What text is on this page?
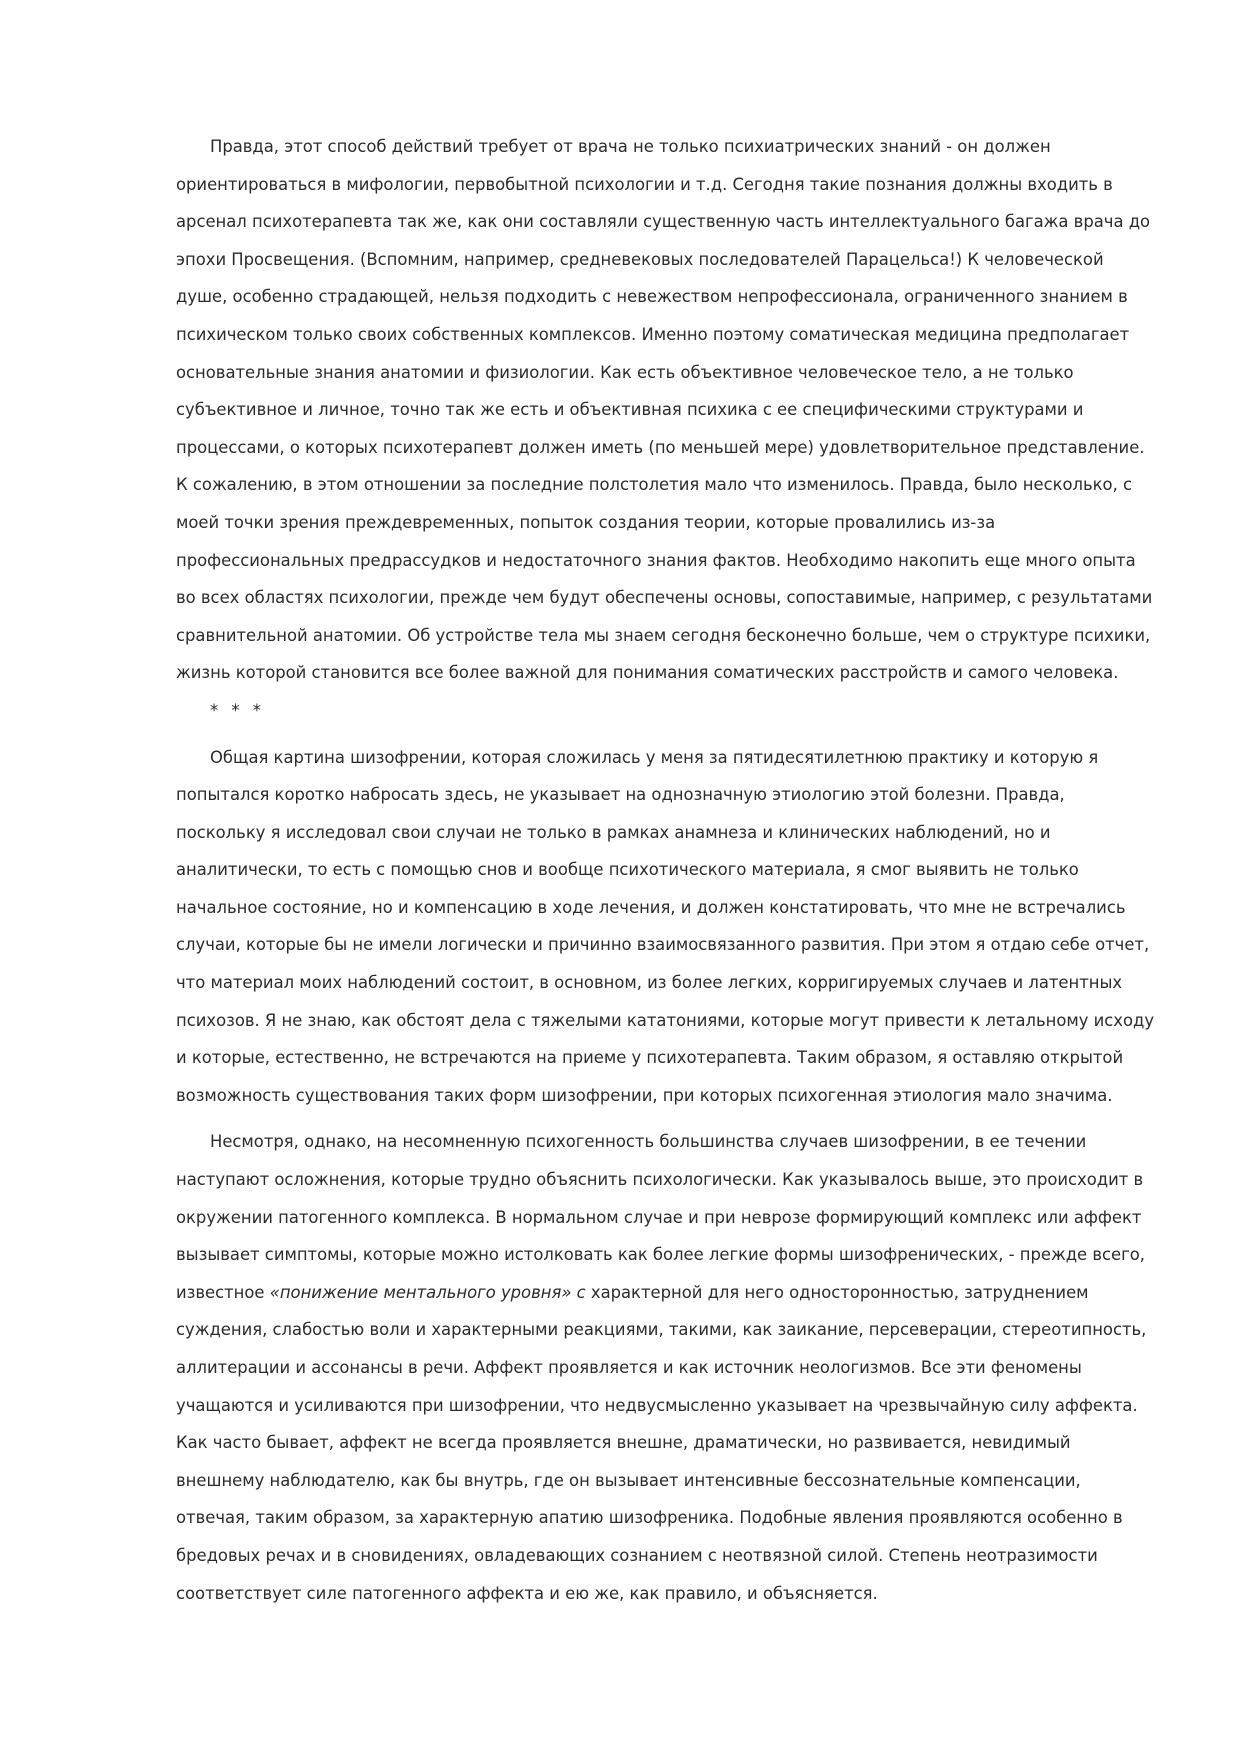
Правда, этот способ действий требует от врача не только психиатрических знаний - он должен ориентироваться в мифологии, первобытной психологии и т.д. Сегодня такие познания должны входить в арсенал психотерапевта так же, как они составляли существенную часть интеллектуального багажа врача до эпохи Просвещения. (Вспомним, например, средневековых последователей Парацельса!) К человеческой душе, особенно страдающей, нельзя подходить с невежеством непрофессионала, ограниченного знанием в психическом только своих собственных комплексов. Именно поэтому соматическая медицина предполагает основательные знания анатомии и физиологии. Как есть объективное человеческое тело, а не только субъективное и личное, точно так же есть и объективная психика с ее специфическими структурами и процессами, о которых психотерапевт должен иметь (по меньшей мере) удовлетворительное представление. К сожалению, в этом отношении за последние полстолетия мало что изменилось. Правда, было несколько, с моей точки зрения преждевременных, попыток создания теории, которые провалились из-за профессиональных предрассудков и недостаточного знания фактов. Необходимо накопить еще много опыта во всех областях психологии, прежде чем будут обеспечены основы, сопоставимые, например, с результатами сравнительной анатомии. Об устройстве тела мы знаем сегодня бесконечно больше, чем о структуре психики, жизнь которой становится все более важной для понимания соматических расстройств и самого человека.

* * *

Общая картина шизофрении, которая сложилась у меня за пятидесятилетнюю практику и которую я попытался коротко набросать здесь, не указывает на однозначную этиологию этой болезни. Правда, поскольку я исследовал свои случаи не только в рамках анамнеза и клинических наблюдений, но и аналитически, то есть с помощью снов и вообще психотического материала, я смог выявить не только начальное состояние, но и компенсацию в ходе лечения, и должен констатировать, что мне не встречались случаи, которые бы не имели логически и причинно взаимосвязанного развития. При этом я отдаю себе отчет, что материал моих наблюдений состоит, в основном, из более легких, корригируемых случаев и латентных психозов. Я не знаю, как обстоят дела с тяжелыми кататониями, которые могут привести к летальному исходу и которые, естественно, не встречаются на приеме у психотерапевта. Таким образом, я оставляю открытой возможность существования таких форм шизофрении, при которых психогенная этиология мало значима.

Несмотря, однако, на несомненную психогенность большинства случаев шизофрении, в ее течении наступают осложнения, которые трудно объяснить психологически. Как указывалось выше, это происходит в окружении патогенного комплекса. В нормальном случае и при неврозе формирующий комплекс или аффект вызывает симптомы, которые можно истолковать как более легкие формы шизофренических, - прежде всего, известное «понижение ментального уровня» с характерной для него односторонностью, затруднением суждения, слабостью воли и характерными реакциями, такими, как заикание, персеверации, стереотипность, аллитерации и ассонансы в речи. Аффект проявляется и как источник неологизмов. Все эти феномены учащаются и усиливаются при шизофрении, что недвусмысленно указывает на чрезвычайную силу аффекта. Как часто бывает, аффект не всегда проявляется внешне, драматически, но развивается, невидимый внешнему наблюдателю, как бы внутрь, где он вызывает интенсивные бессознательные компенсации, отвечая, таким образом, за характерную апатию шизофреника. Подобные явления проявляются особенно в бредовых речах и в сновидениях, овладевающих сознанием с неотвязной силой. Степень неотразимости соответствует силе патогенного аффекта и ею же, как правило, и объясняется.
